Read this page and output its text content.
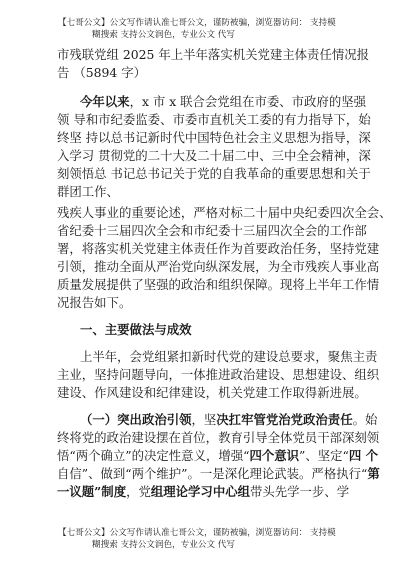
【七哥公文】公文写作请认准七哥公文，谨防被骗，浏览器访问： 支持模
糊搜索 支持公文润色，专业公文 代写
市残联党组 2025 年上半年落实机关党建主体责任情况报
告 （5894 字）
今年以来，x 市 x 联合会党组在市委、市政府的坚强
领 导和市纪委监委、市委市直机关工委的有力指导下，始
终坚 持以总书记新时代中国特色社会主义思想为指导，深
入学习 贯彻党的二十大及二十届二中、三中全会精神，深
刻领悟总 书记总书记关于党的自我革命的重要思想和关于
群团工作、
残疾人事业的重要论述，严格对标二十届中央纪委四次全会、
省纪委十三届四次全会和市纪委十三届四次全会的工作部
署，将落实机关党建主体责任作为首要政治任务，坚持党建
引领，推动全面从严治党向纵深发展，为全市残疾人事业高
质量发展提供了坚强的政治和组织保障。现将上半年工作情
况报告如下。
一、主要做法与成效
上半年，会党组紧扣新时代党的建设总要求，聚焦主责
主业，坚持问题导向，一体推进政治建设、思想建设、组织
建设、作风建设和纪律建设，机关党建工作取得新进展。
（一）突出政治引领，坚决扛牢管党治党政治责任。始
终将党的政治建设摆在首位，教育引导全体党员干部深刻领
悟“两个确立”的决定性意义，增强“四个意识”、坚定“四 个
自信”、做到“两个维护”。一是深化理论武装。严格执行“第
一议题”制度，党组理论学习中心组带头先学一步、学
【七哥公文】公文写作请认准七哥公文，谨防被骗，浏览器访问： 支持模
糊搜索 支持公文润色，专业公文 代写
